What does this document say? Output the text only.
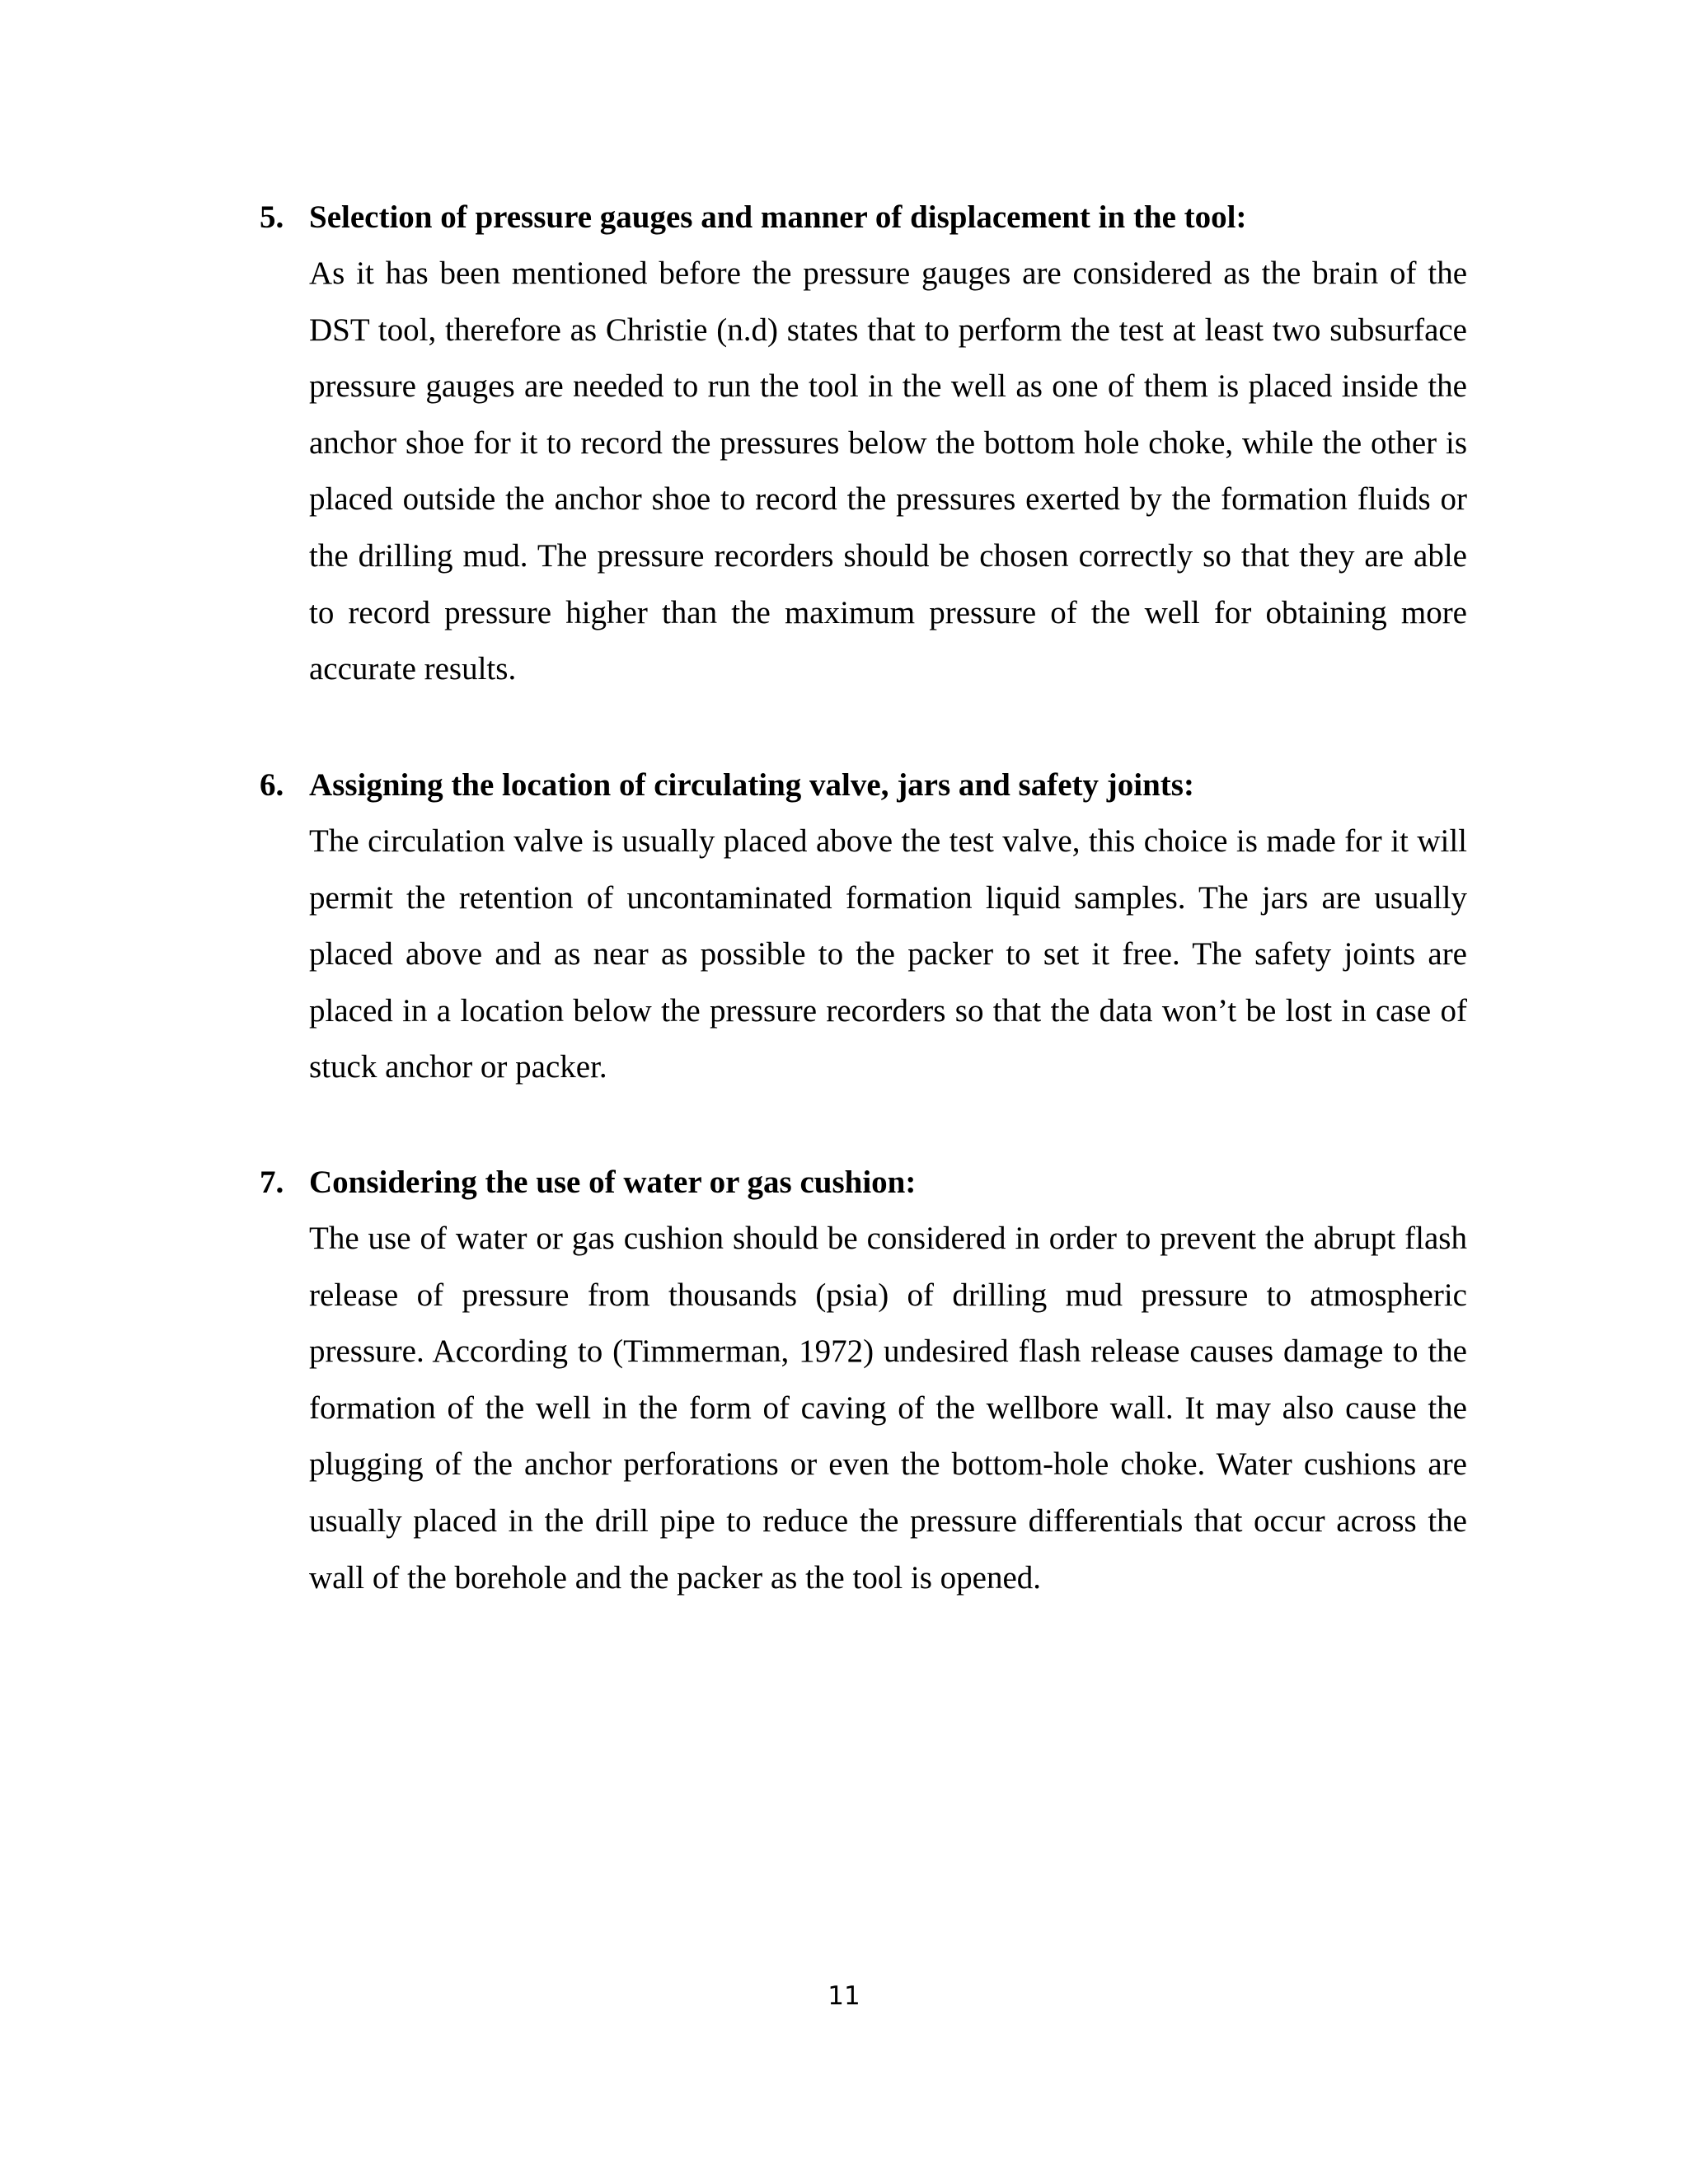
5. Selection of pressure gauges and manner of displacement in the tool:
As it has been mentioned before the pressure gauges are considered as the brain of the DST tool, therefore as Christie (n.d) states that to perform the test at least two subsurface pressure gauges are needed to run the tool in the well as one of them is placed inside the anchor shoe for it to record the pressures below the bottom hole choke, while the other is placed outside the anchor shoe to record the pressures exerted by the formation fluids or the drilling mud. The pressure recorders should be chosen correctly so that they are able to record pressure higher than the maximum pressure of the well for obtaining more accurate results.
6. Assigning the location of circulating valve, jars and safety joints:
The circulation valve is usually placed above the test valve, this choice is made for it will permit the retention of uncontaminated formation liquid samples. The jars are usually placed above and as near as possible to the packer to set it free. The safety joints are placed in a location below the pressure recorders so that the data won’t be lost in case of stuck anchor or packer.
7. Considering the use of water or gas cushion:
The use of water or gas cushion should be considered in order to prevent the abrupt flash release of pressure from thousands (psia) of drilling mud pressure to atmospheric pressure. According to (Timmerman, 1972) undesired flash release causes damage to the formation of the well in the form of caving of the wellbore wall. It may also cause the plugging of the anchor perforations or even the bottom-hole choke. Water cushions are usually placed in the drill pipe to reduce the pressure differentials that occur across the wall of the borehole and the packer as the tool is opened.
11
